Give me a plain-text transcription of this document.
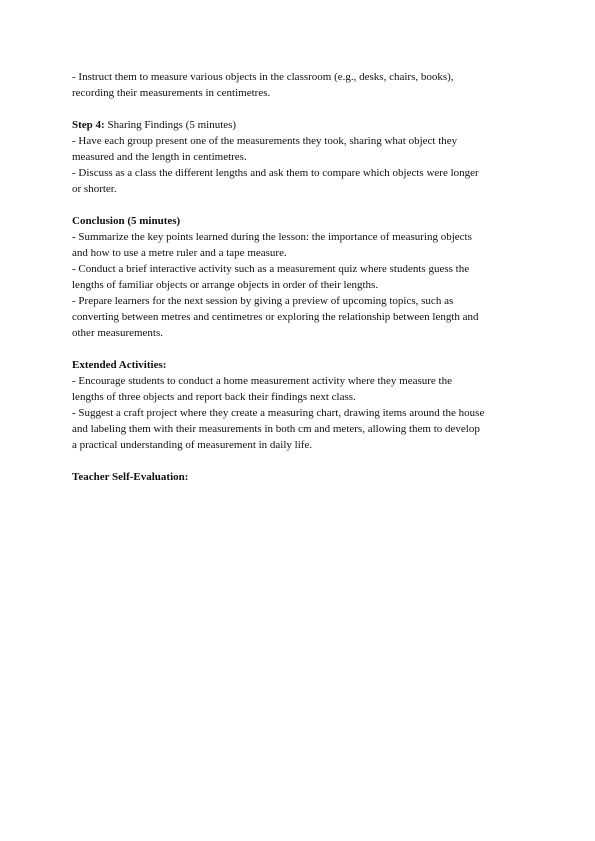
- Instruct them to measure various objects in the classroom (e.g., desks, chairs, books),
recording their measurements in centimetres.
Step 4: Sharing Findings (5 minutes)
- Have each group present one of the measurements they took, sharing what object they
measured and the length in centimetres.
- Discuss as a class the different lengths and ask them to compare which objects were longer
or shorter.
Conclusion (5 minutes)
- Summarize the key points learned during the lesson: the importance of measuring objects
and how to use a metre ruler and a tape measure.
- Conduct a brief interactive activity such as a measurement quiz where students guess the
lengths of familiar objects or arrange objects in order of their lengths.
- Prepare learners for the next session by giving a preview of upcoming topics, such as
converting between metres and centimetres or exploring the relationship between length and
other measurements.
Extended Activities:
- Encourage students to conduct a home measurement activity where they measure the
lengths of three objects and report back their findings next class.
- Suggest a craft project where they create a measuring chart, drawing items around the house
and labeling them with their measurements in both cm and meters, allowing them to develop
a practical understanding of measurement in daily life.
Teacher Self-Evaluation:
